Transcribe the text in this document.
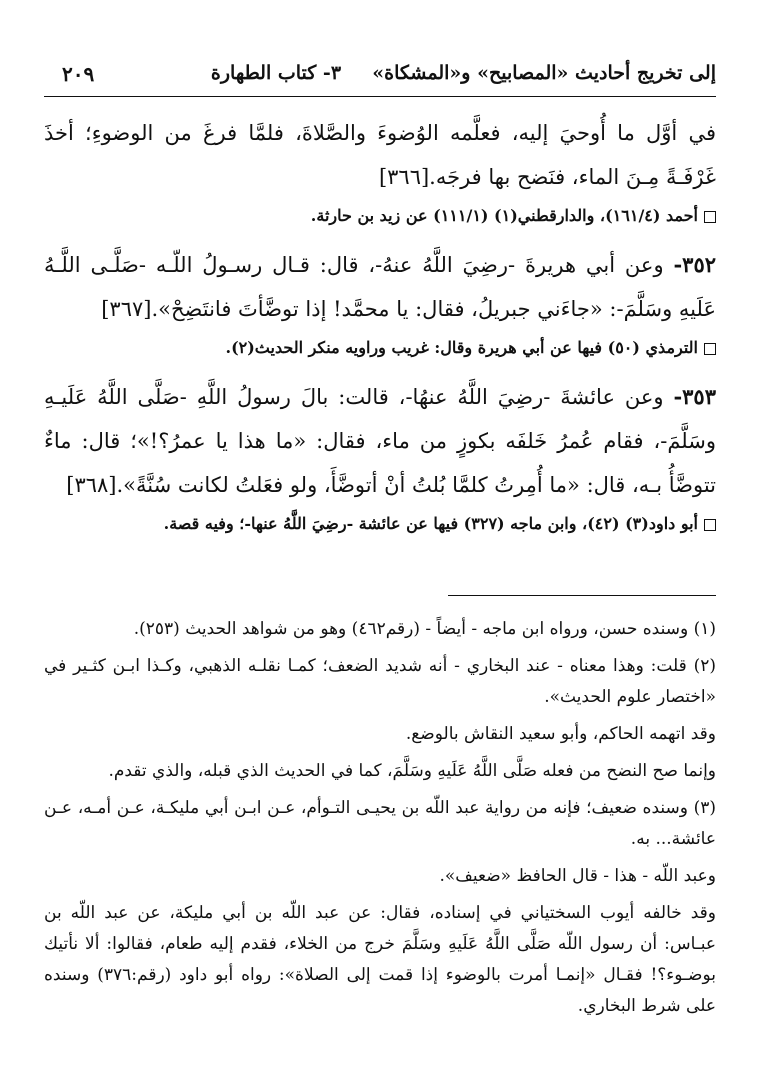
إلى تخريج أحاديث «المصابيح» و«المشكاة»  ٣- كتاب الطهارة
٢٠٩

في أوَّل ما أُوحيَ إليه، فعلَّمه الوُضوءَ والصَّلاةَ، فلمَّا فرغَ من الوضوءِ؛ أخذَ غَرْفَـةً مِـنَ الماء، فنَضح بها فرجَه.[٣٦٦]

أحمد (١٦١/٤)، والدارقطني(١) (١١١/١) عن زيد بن حارثة.

٣٥٢- وعن أبي هريرةَ -رضِيَ اللَّهُ عنهُ-، قال: قـال رسـولُ اللّـه -صَلَّـى اللَّـهُ عَلَيهِ وسَلَّمَ-: «جاءَني جبريلُ، فقال: يا محمَّد! إذا توضَّأتَ فانتَضِحْ».[٣٦٧]

الترمذي (٥٠) فيها عن أبي هريرة وقال: غريب وراويه منكر الحديث(٢).

٣٥٣- وعن عائشةَ -رضِيَ اللَّهُ عنهُا-، قالت: بالَ رسولُ اللَّهِ -صَلَّى اللَّهُ عَلَيـهِ وسَلَّمَ-، فقام عُمرُ خَلفَه بكوزٍ من ماء، فقال: «ما هذا يا عمرُ؟!»؛ قال: ماءٌ تتوضَّأُ بـه، قال: «ما أُمِرتُ كلمَّا بُلتُ أنْ أتوضَّأَ، ولو فعَلتُ لكانت سُنَّةً».[٣٦٨]

أبو داود(٣) (٤٢)، وابن ماجه (٣٢٧) فيها عن عائشة -رضِيَ اللَّهُ عنها-؛ وفيه قصة.

(١) وسنده حسن، ورواه ابن ماجه - أيضاً - (رقم٤٦٢) وهو من شواهد الحديث (٢٥٣).

(٢) قلت: وهذا معناه - عند البخاري - أنه شديد الضعف؛ كمـا نقلـه الذهبي، وكـذا ابـن كثـير في «اختصار علوم الحديث».

وقد اتهمه الحاكم، وأبو سعيد النقاش بالوضع.

وإنما صح النضح من فعله صَلَّى اللَّهُ عَلَيهِ وسَلَّمَ، كما في الحديث الذي قبله، والذي تقدم.

(٣) وسنده ضعيف؛ فإنه من رواية عبد اللّه بن يحيـى التـوأم، عـن ابـن أبي مليكـة، عـن أمـه، عـن عائشة... به.

وعبد اللّه - هذا - قال الحافظ «ضعيف».

وقد خالفه أيوب السختياني في إسناده، فقال: عن عبد اللّه بن أبي مليكة، عن عبد اللّه بن عبـاس: أن رسول اللّه صَلَّى اللَّهُ عَلَيهِ وسَلَّمَ خرج من الخلاء، فقدم إليه طعام، فقالوا: ألا نأتيك بوضـوء؟! فقـال «إنمـا أمرت بالوضوء إذا قمت إلى الصلاة»: رواه أبو داود (رقم:٣٧٦) وسنده على شرط البخاري.
